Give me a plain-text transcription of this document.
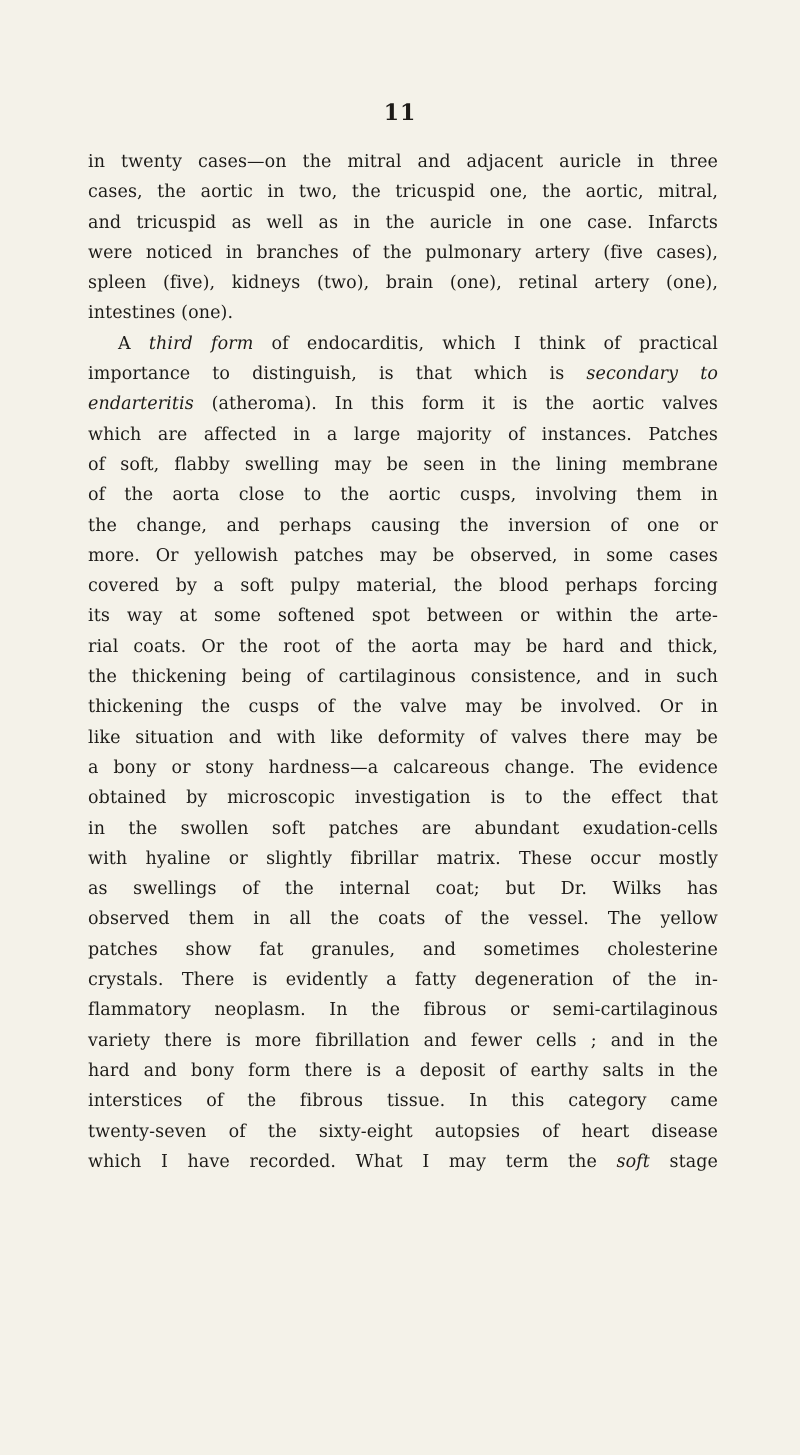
11
in twenty cases—on the mitral and adjacent auricle in three
cases, the aortic in two, the tricuspid one, the aortic, mitral,
and tricuspid as well as in the auricle in one case. Infarcts
were noticed in branches of the pulmonary artery (five cases),
spleen (five), kidneys (two), brain (one), retinal artery (one),
intestines (one).
A third form of endocarditis, which I think of practical
importance to distinguish, is that which is secondary to
endarteritis (atheroma). In this form it is the aortic valves
which are affected in a large majority of instances. Patches
of soft, flabby swelling may be seen in the lining membrane
of the aorta close to the aortic cusps, involving them in
the change, and perhaps causing the inversion of one or
more. Or yellowish patches may be observed, in some cases
covered by a soft pulpy material, the blood perhaps forcing
its way at some softened spot between or within the arte-
rial coats. Or the root of the aorta may be hard and thick,
the thickening being of cartilaginous consistence, and in such
thickening the cusps of the valve may be involved. Or in
like situation and with like deformity of valves there may be
a bony or stony hardness—a calcareous change. The evidence
obtained by microscopic investigation is to the effect that
in the swollen soft patches are abundant exudation-cells
with hyaline or slightly fibrillar matrix. These occur mostly
as swellings of the internal coat; but Dr. Wilks has
observed them in all the coats of the vessel. The yellow
patches show fat granules, and sometimes cholesterine
crystals. There is evidently a fatty degeneration of the in-
flammatory neoplasm. In the fibrous or semi-cartilaginous
variety there is more fibrillation and fewer cells ; and in the
hard and bony form there is a deposit of earthy salts in the
interstices of the fibrous tissue. In this category came
twenty-seven of the sixty-eight autopsies of heart disease
which I have recorded. What I may term the soft stage
